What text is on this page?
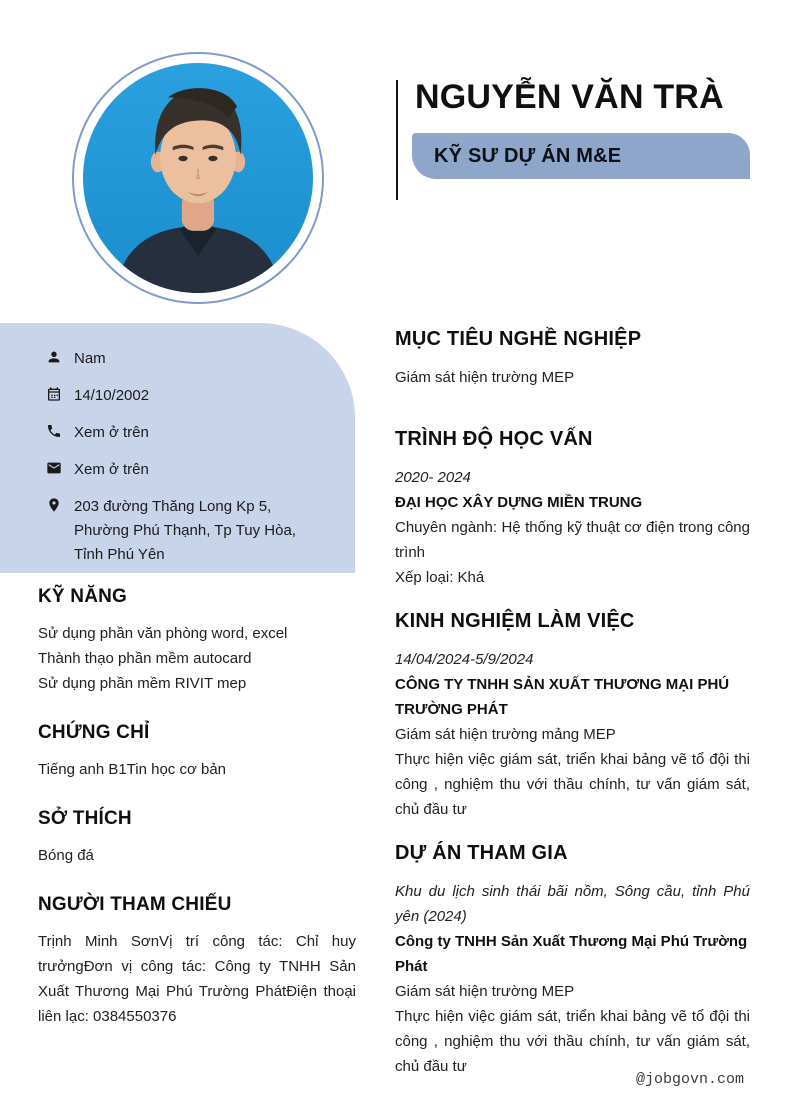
NGUYỄN VĂN TRÀ
KỸ SƯ DỰ ÁN M&E
Nam
14/10/2002
Xem ở trên
Xem ở trên
203 đường Thăng Long Kp 5, Phường Phú Thạnh, Tp Tuy Hòa, Tỉnh Phú Yên
KỸ NĂNG
Sử dụng phần văn phòng word, excel
Thành thạo phần mềm autocard
Sử dụng phần mềm RIVIT mep
CHỨNG CHỈ
Tiếng anh B1Tin học cơ bản
SỞ THÍCH
Bóng đá
NGƯỜI THAM CHIẾU
Trịnh Minh SơnVị trí công tác: Chỉ huy trưởngĐơn vị công tác: Công ty TNHH Sản Xuất Thương Mại Phú Trường PhátĐiện thoại liên lạc: 0384550376
MỤC TIÊU NGHỀ NGHIỆP
Giám sát hiện trường MEP
TRÌNH ĐỘ HỌC VẤN
2020- 2024
ĐẠI HỌC XÂY DỰNG MIỀN TRUNG
Chuyên ngành: Hệ thống kỹ thuật cơ điện trong công trình
Xếp loại: Khá
KINH NGHIỆM LÀM VIỆC
14/04/2024-5/9/2024
CÔNG TY TNHH SẢN XUẤT THƯƠNG MẠI PHÚ TRƯỜNG PHÁT
Giám sát hiện trường mảng MEP
Thực hiện việc giám sát, triển khai bảng vẽ tổ đội thi công , nghiệm thu với thầu chính, tư vấn giám sát, chủ đầu tư
DỰ ÁN THAM GIA
Khu du lịch sinh thái bãi nồm, Sông cầu, tỉnh Phú yên (2024)
Công ty TNHH Sản Xuất Thương Mại Phú Trường Phát
Giám sát hiện trường MEP
Thực hiện việc giám sát, triển khai bảng vẽ tổ đội thi công , nghiệm thu với thầu chính, tư vấn giám sát, chủ đầu tư
@jobgovn.com
